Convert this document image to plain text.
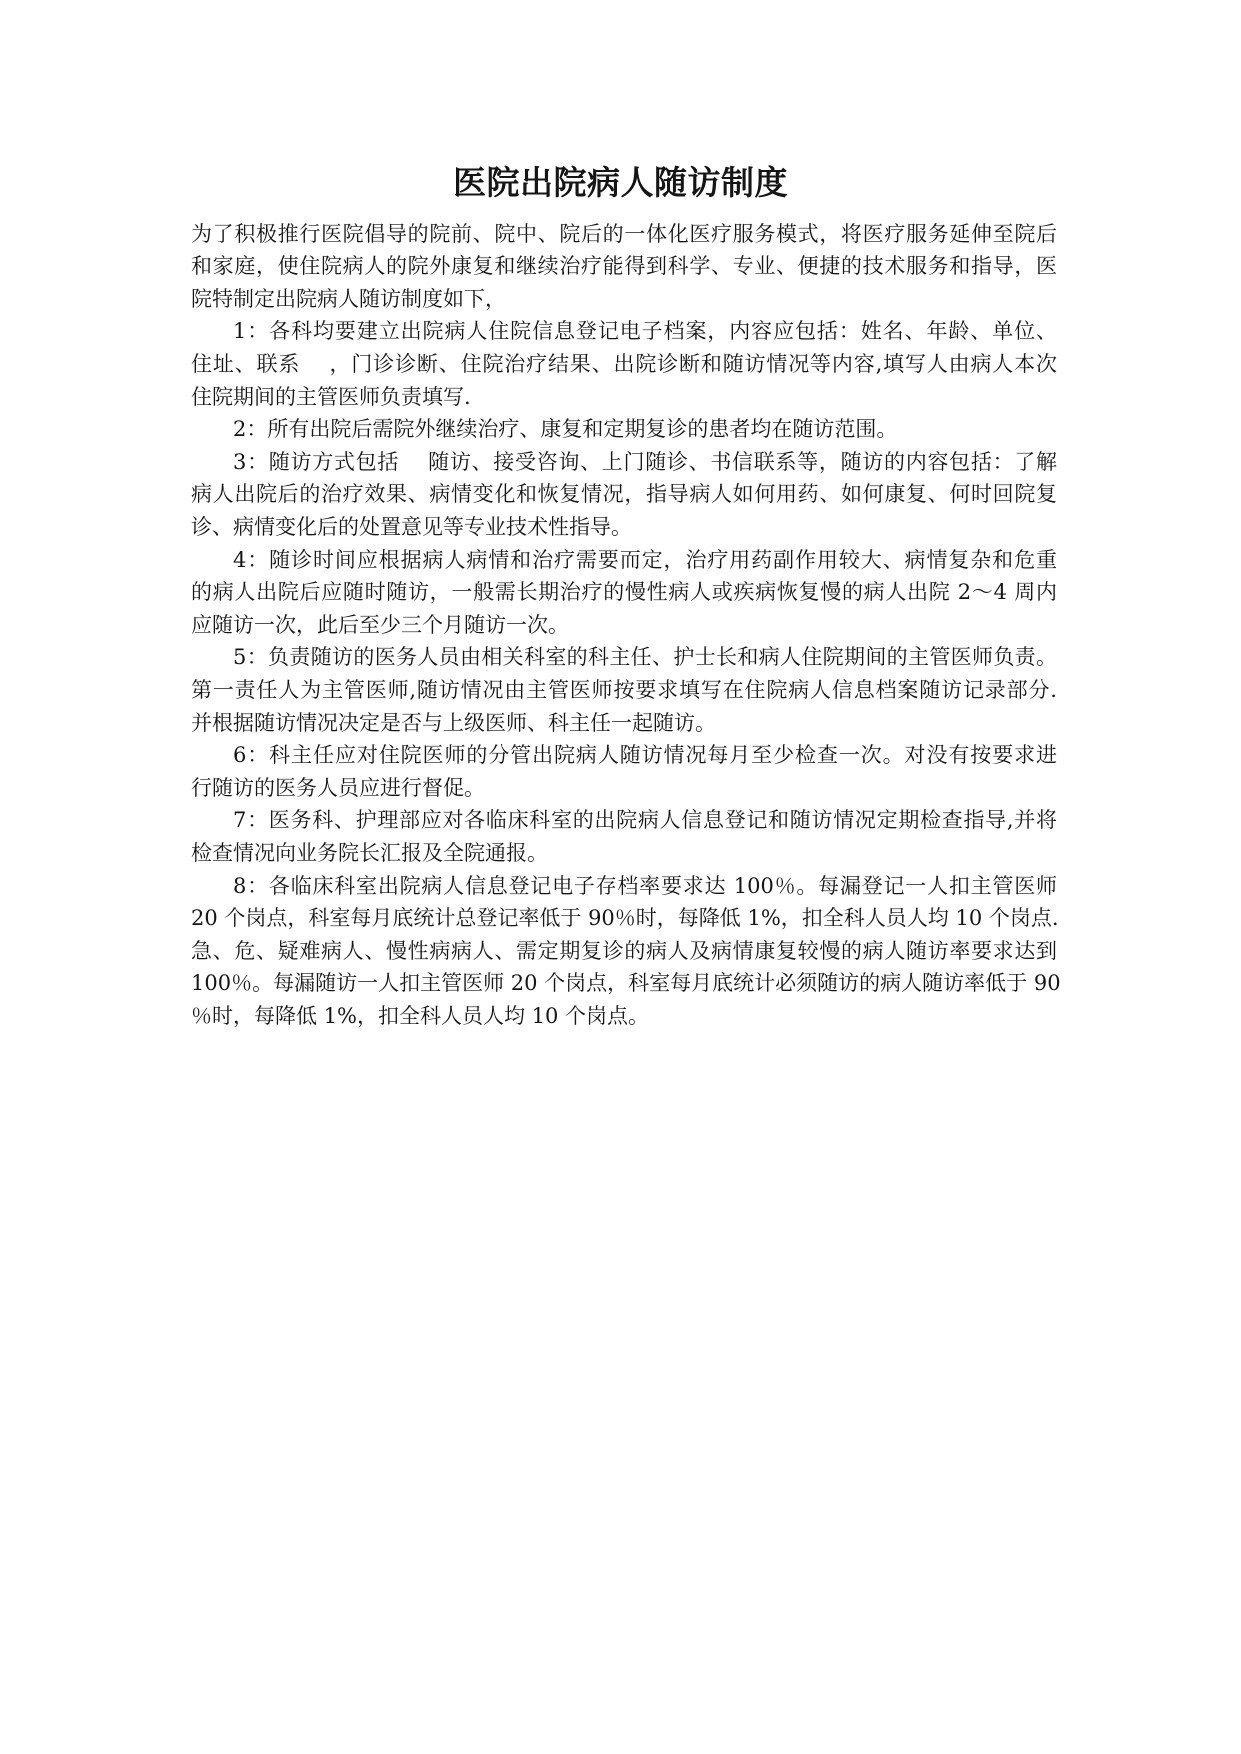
医院出院病人随访制度
为了积极推行医院倡导的院前、院中、院后的一体化医疗服务模式，将医疗服务延伸至院后
和家庭，使住院病人的院外康复和继续治疗能得到科学、专业、便捷的技术服务和指导，医
院特制定出院病人随访制度如下，
1：各科均要建立出院病人住院信息登记电子档案，内容应包括：姓名、年龄、单位、
住址、联系　 ，门诊诊断、住院治疗结果、出院诊断和随访情况等内容,填写人由病人本次
住院期间的主管医师负责填写.
2：所有出院后需院外继续治疗、康复和定期复诊的患者均在随访范围。
3：随访方式包括　 随访、接受咨询、上门随诊、书信联系等，随访的内容包括：了解
病人出院后的治疗效果、病情变化和恢复情况，指导病人如何用药、如何康复、何时回院复
诊、病情变化后的处置意见等专业技术性指导。
4：随诊时间应根据病人病情和治疗需要而定，治疗用药副作用较大、病情复杂和危重
的病人出院后应随时随访，一般需长期治疗的慢性病人或疾病恢复慢的病人出院 2～4 周内
应随访一次，此后至少三个月随访一次。
5：负责随访的医务人员由相关科室的科主任、护士长和病人住院期间的主管医师负责。
第一责任人为主管医师,随访情况由主管医师按要求填写在住院病人信息档案随访记录部分.
并根据随访情况决定是否与上级医师、科主任一起随访。
6：科主任应对住院医师的分管出院病人随访情况每月至少检查一次。对没有按要求进
行随访的医务人员应进行督促。
7：医务科、护理部应对各临床科室的出院病人信息登记和随访情况定期检查指导,并将
检查情况向业务院长汇报及全院通报。
8：各临床科室出院病人信息登记电子存档率要求达 100％。每漏登记一人扣主管医师
20 个岗点，科室每月底统计总登记率低于 90％时，每降低 1%，扣全科人员人均 10 个岗点.
急、危、疑难病人、慢性病病人、需定期复诊的病人及病情康复较慢的病人随访率要求达到
100％。每漏随访一人扣主管医师 20 个岗点，科室每月底统计必须随访的病人随访率低于 90
％时，每降低 1%，扣全科人员人均 10 个岗点。
